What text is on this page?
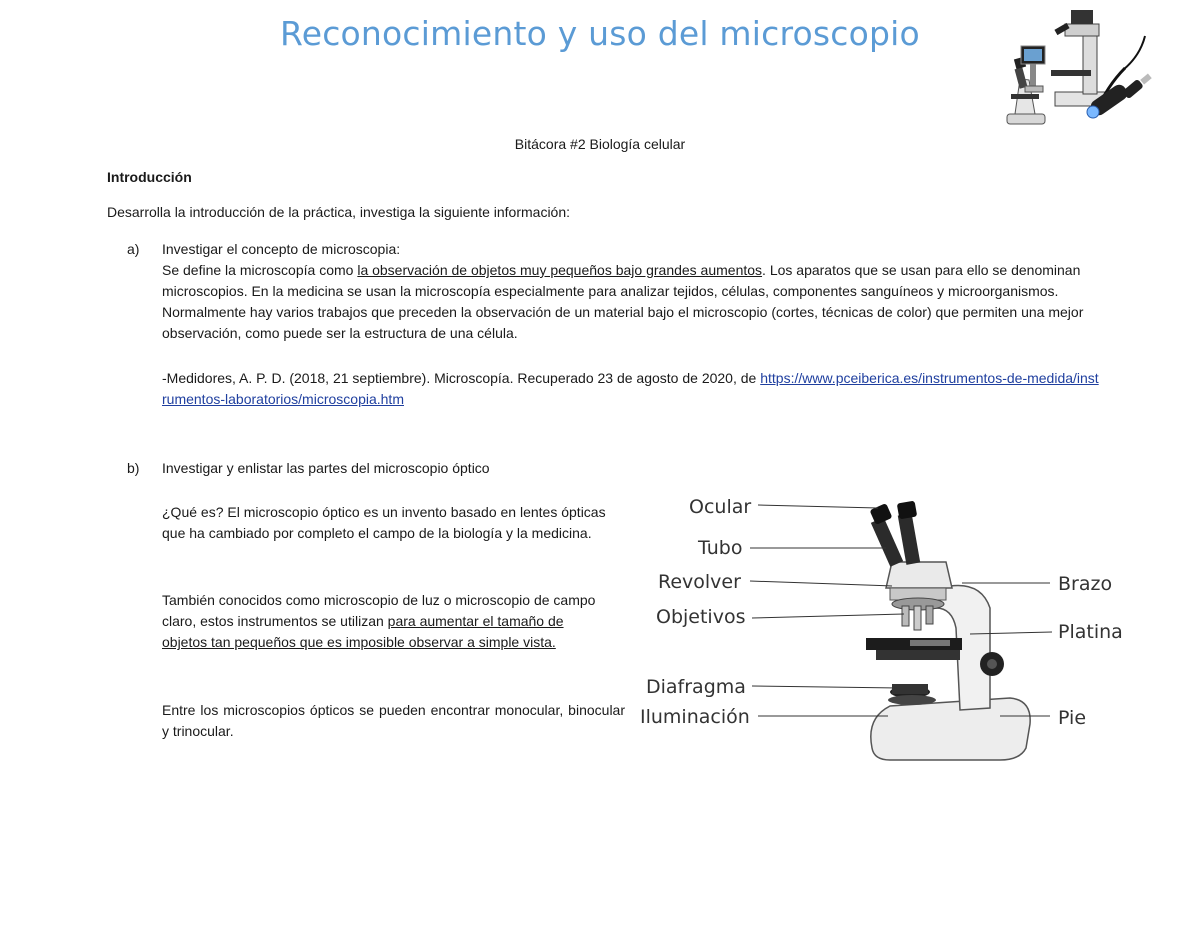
Reconocimiento y uso del microscopio
Bitácora #2 Biología celular
Introducción
Desarrolla la introducción de la práctica, investiga la siguiente información:
a) Investigar el concepto de microscopia:
Se define la microscopía como la observación de objetos muy pequeños bajo grandes aumentos. Los aparatos que se usan para ello se denominan microscopios. En la medicina se usan la microscopía especialmente para analizar tejidos, células, componentes sanguíneos y microorganismos. Normalmente hay varios trabajos que preceden la observación de un material bajo el microscopio (cortes, técnicas de color) que permiten una mejor observación, como puede ser la estructura de una célula.
-Medidores, A. P. D. (2018, 21 septiembre). Microscopía. Recuperado 23 de agosto de 2020, de https://www.pceiberica.es/instrumentos-de-medida/instrumentos-laboratorios/microscopia.htm
b) Investigar y enlistar las partes del microscopio óptico
¿Qué es? El microscopio óptico es un invento basado en lentes ópticas que ha cambiado por completo el campo de la biología y la medicina.
También conocidos como microscopio de luz o microscopio de campo claro, estos instrumentos se utilizan para aumentar el tamaño de objetos tan pequeños que es imposible observar a simple vista.
Entre los microscopios ópticos se pueden encontrar monocular, binocular y trinocular.
Ocular
Tubo
Revolver
Objetivos
Diafragma
Iluminación
Brazo
Platina
Pie
